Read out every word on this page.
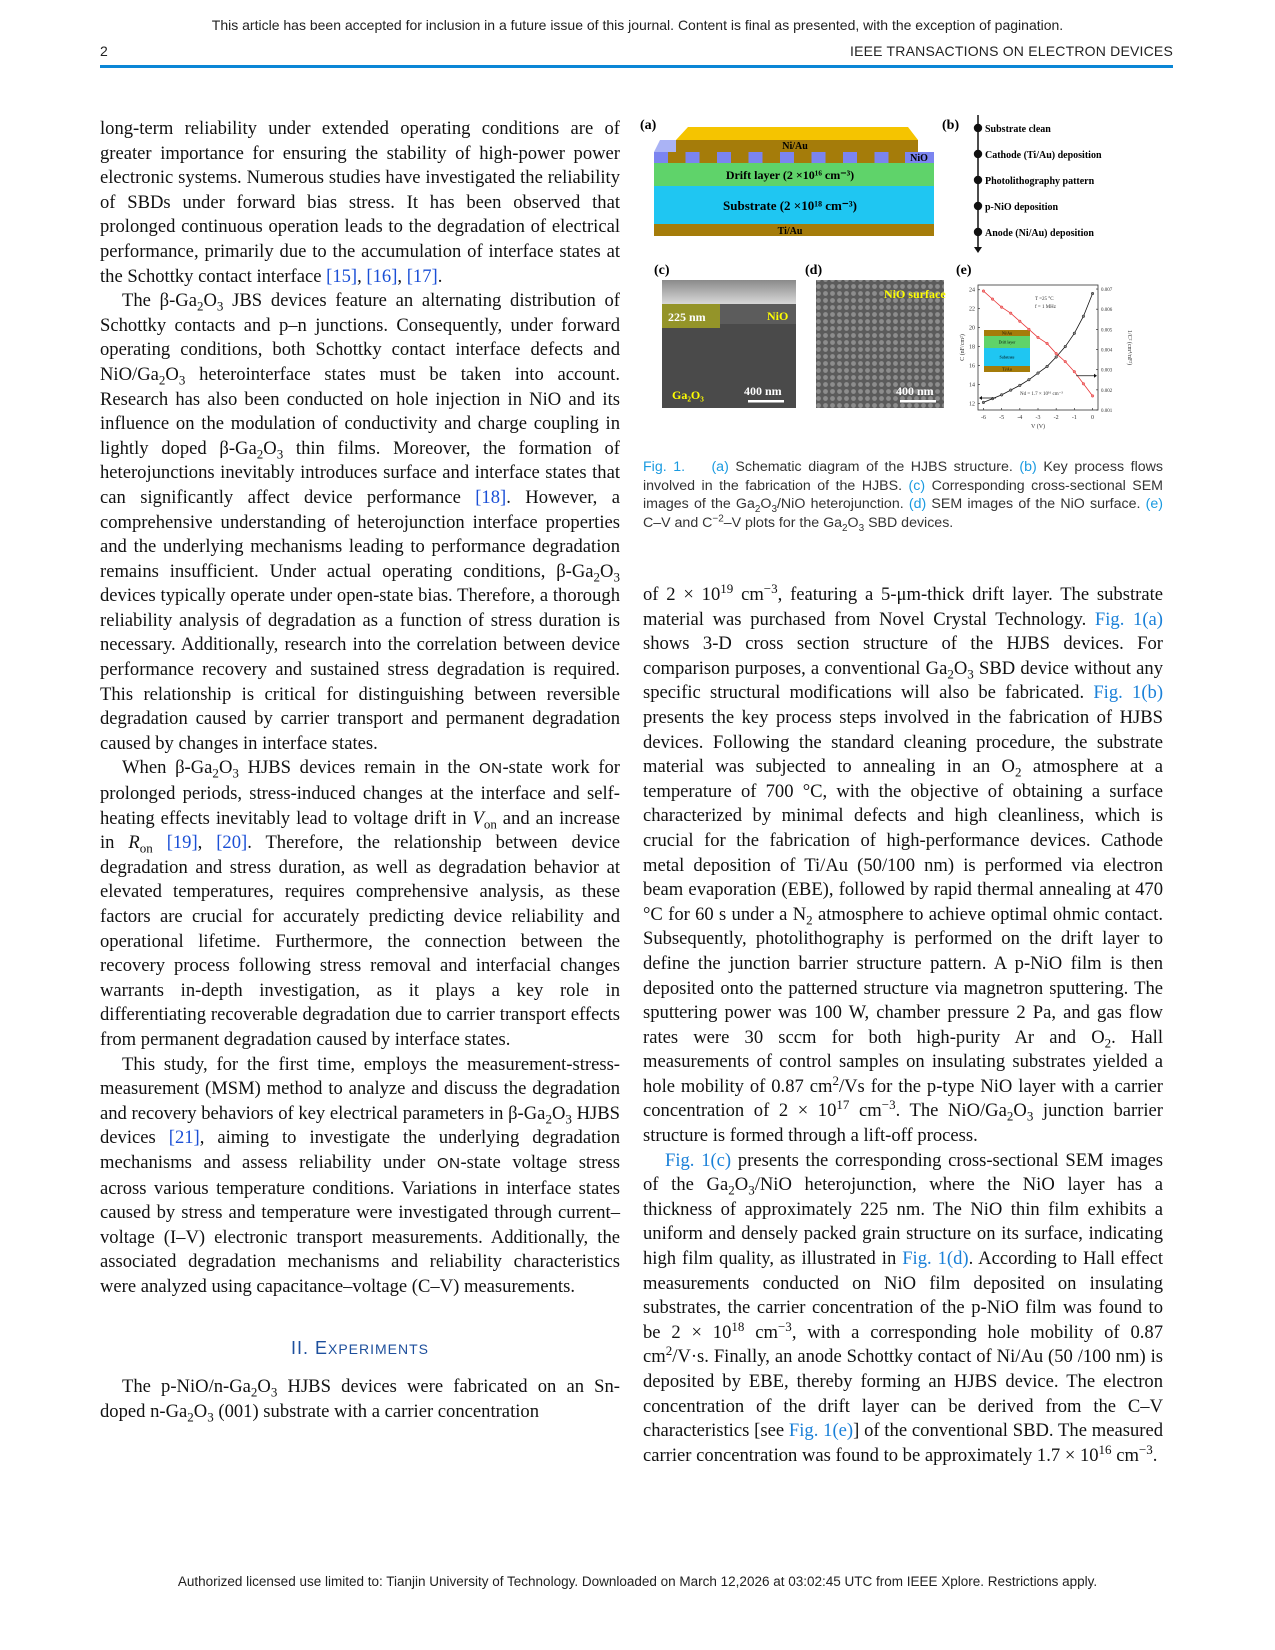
This article has been accepted for inclusion in a future issue of this journal. Content is final as presented, with the exception of pagination.
2	IEEE TRANSACTIONS ON ELECTRON DEVICES

long-term reliability under extended operating conditions are of greater importance for ensuring the stability of high-power power electronic systems. Numerous studies have investigated the reliability of SBDs under forward bias stress. It has been observed that prolonged continuous operation leads to the degradation of electrical performance, primarily due to the accumulation of interface states at the Schottky contact interface [15], [16], [17].

The $\beta-Ga_2O_3$ JBS devices feature an alternating distribution of Schottky contacts and p–n junctions. Consequently, under forward operating conditions, both Schottky contact interface defects and NiO/$Ga_2O_3$ heterointerface states must be taken into account. Research has also been conducted on hole injection in NiO and its influence on the modulation of conductivity and charge coupling in lightly doped $\beta-Ga_2O_3$ thin films. Moreover, the formation of heterojunctions inevitably introduces surface and interface states that can significantly affect device performance [18]. However, a comprehensive understanding of heterojunction interface properties and the underlying mechanisms leading to performance degradation remains insufficient. Under actual operating conditions, $\beta-Ga_2O_3$ devices typically operate under open-state bias. Therefore, a thorough reliability analysis of degradation as a function of stress duration is necessary. Additionally, research into the correlation between device performance recovery and sustained stress degradation is required. This relationship is critical for distinguishing between reversible degradation caused by carrier transport and permanent degradation caused by changes in interface states.

When $\beta-Ga_2O_3$ HJBS devices remain in the ON-state work for prolonged periods, stress-induced changes at the interface and self-heating effects inevitably lead to voltage drift in $V_{on}$ and an increase in $R_{on}$ [19], [20]. Therefore, the relationship between device degradation and stress duration, as well as degradation behavior at elevated temperatures, requires comprehensive analysis, as these factors are crucial for accurately predicting device reliability and operational lifetime. Furthermore, the connection between the recovery process following stress removal and interfacial changes warrants in-depth investigation, as it plays a key role in differentiating recoverable degradation due to carrier transport effects from permanent degradation caused by interface states.

This study, for the first time, employs the measurement-stress-measurement (MSM) method to analyze and discuss the degradation and recovery behaviors of key electrical parameters in $\beta-Ga_2O_3$ HJBS devices [21], aiming to investigate the underlying degradation mechanisms and assess reliability under ON-state voltage stress across various temperature conditions. Variations in interface states caused by stress and temperature were investigated through current–voltage (I–V) electronic transport measurements. Additionally, the associated degradation mechanisms and reliability characteristics were analyzed using capacitance–voltage (C–V) measurements.

II. EXPERIMENTS

The $p-NiO/n-Ga_2O_3$ HJBS devices were fabricated on an Sn-doped $n-Ga_2O_3$ (001) substrate with a carrier concentration

(a)
Ni/Au
NiO
Drift layer (2 ×10¹⁶ cm⁻³)
Substrate (2 ×10¹⁸ cm⁻³)
Ti/Au
(b)	Substrate clean
Cathode (Ti/Au) deposition
Photolithography pattern
p-NiO deposition
Anode (Ni/Au) deposition
(c)
225 nm	NiO
Ga₂O₃	400 nm
(d)
NiO surface
400 nm
(e)
-6 -5 -4 -3 -2 -1 0
12
14
16
18
20
22
24
0.001
0.002
0.003
0.004
0.005
0.006
0.007
V (V)
C (nF/cm²)	1/C² (cm⁴/nF²)
Ni/Au
Drift layer
Substrate
Ti/Au
T =25 °C
f = 1 MHz
Nd = 1.7 × 10¹⁶ cm⁻³
Fig. 1. (a) Schematic diagram of the HJBS structure. (b) Key process flows involved in the fabrication of the HJBS. (c) Corresponding cross-sectional SEM images of the $Ga_2O_3$/NiO heterojunction. (d) SEM images of the NiO surface. (e) C–V and $C^{-2}-V$ plots for the $Ga_2O_3$ SBD devices.

of $2 \times 10^{19}$ $cm^{-3}$, featuring a 5-μm-thick drift layer. The substrate material was purchased from Novel Crystal Technology. Fig. 1(a) shows 3-D cross section structure of the HJBS devices. For comparison purposes, a conventional $Ga_2O_3$ SBD device without any specific structural modifications will also be fabricated. Fig. 1(b) presents the key process steps involved in the fabrication of HJBS devices. Following the standard cleaning procedure, the substrate material was subjected to annealing in an $O_2$ atmosphere at a temperature of 700 °C, with the objective of obtaining a surface characterized by minimal defects and high cleanliness, which is crucial for the fabrication of high-performance devices. Cathode metal deposition of Ti/Au (50/100 nm) is performed via electron beam evaporation (EBE), followed by rapid thermal annealing at 470 °C for 60 s under a $N_2$ atmosphere to achieve optimal ohmic contact. Subsequently, photolithography is performed on the drift layer to define the junction barrier structure pattern. A p-NiO film is then deposited onto the patterned structure via magnetron sputtering. The sputtering power was 100 W, chamber pressure 2 Pa, and gas flow rates were 30 sccm for both high-purity Ar and $O_2$. Hall measurements of control samples on insulating substrates yielded a hole mobility of 0.87 $cm^2/Vs$ for the p-type NiO layer with a carrier concentration of $2 \times 10^{17}$ $cm^{-3}$. The NiO/$Ga_2O_3$ junction barrier structure is formed through a lift-off process.

Fig. 1(c) presents the corresponding cross-sectional SEM images of the $Ga_2O_3$/NiO heterojunction, where the NiO layer has a thickness of approximately 225 nm. The NiO thin film exhibits a uniform and densely packed grain structure on its surface, indicating high film quality, as illustrated in Fig. 1(d). According to Hall effect measurements conducted on NiO film deposited on insulating substrates, the carrier concentration of the p-NiO film was found to be $2 \times 10^{18}$ $cm^{-3}$, with a corresponding hole mobility of 0.87 $cm^2/V\cdot s$. Finally, an anode Schottky contact of Ni/Au (50 /100 nm) is deposited by EBE, thereby forming an HJBS device. The electron concentration of the drift layer can be derived from the C–V characteristics [see Fig. 1(e)] of the conventional SBD. The measured carrier concentration was found to be approximately $1.7 \times 10^{16}$ $cm^{-3}$.

Authorized licensed use limited to: Tianjin University of Technology. Downloaded on March 12,2026 at 03:02:45 UTC from IEEE Xplore. Restrictions apply.
